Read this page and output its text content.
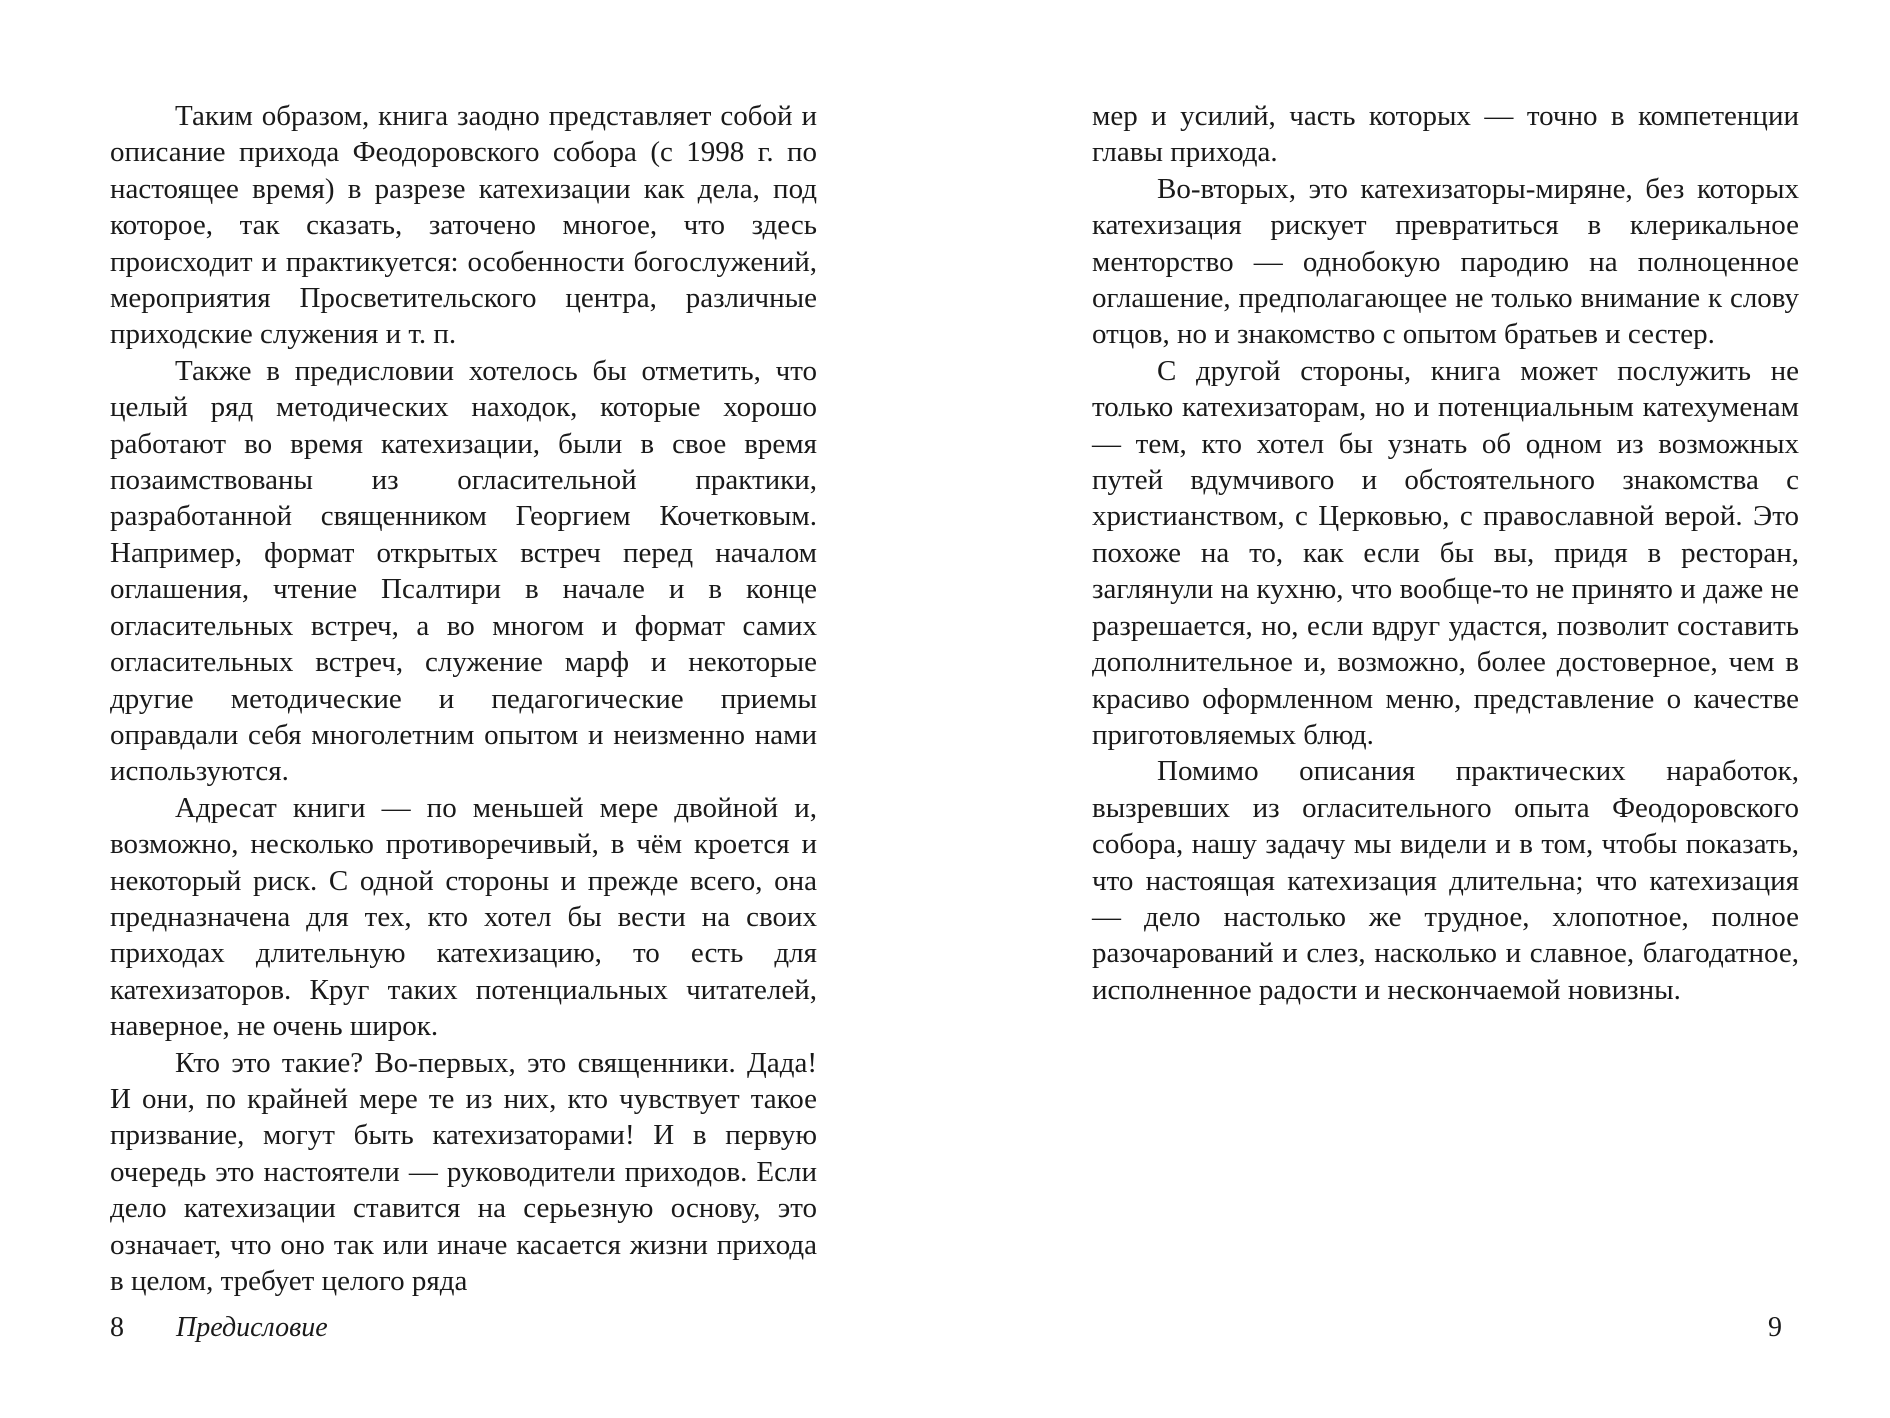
Таким образом, книга заодно представляет собой и описание прихода Феодоровского собора (с 1998 г. по настоящее время) в разрезе катехизации как дела, под которое, так сказать, заточено многое, что здесь происходит и практикуется: особенности богослужений, мероприятия Просветительского центра, различные приходские служения и т. п.

Также в предисловии хотелось бы отметить, что целый ряд методических находок, которые хорошо работают во время катехизации, были в свое время позаимствованы из огласительной практики, разработанной священником Георгием Кочетковым. Например, формат открытых встреч перед началом оглашения, чтение Псалтири в начале и в конце огласительных встреч, а во многом и формат самих огласительных встреч, служение марф и некоторые другие методические и педагогические приемы оправдали себя многолетним опытом и неизменно нами используются.

Адресат книги — по меньшей мере двойной и, возможно, несколько противоречивый, в чём кроется и некоторый риск. С одной стороны и прежде всего, она предназначена для тех, кто хотел бы вести на своих приходах длительную катехизацию, то есть для катехизаторов. Круг таких потенциальных читателей, наверное, не очень широк.

Кто это такие? Во-первых, это священники. Дада! И они, по крайней мере те из них, кто чувствует такое призвание, могут быть катехизаторами! И в первую очередь это настоятели — руководители приходов. Если дело катехизации ставится на серьезную основу, это означает, что оно так или иначе касается жизни прихода в целом, требует целого ряда

мер и усилий, часть которых — точно в компетенции главы прихода.

Во-вторых, это катехизаторы-миряне, без которых катехизация рискует превратиться в клерикальное менторство — однобокую пародию на полноценное оглашение, предполагающее не только внимание к слову отцов, но и знакомство с опытом братьев и сестер.

С другой стороны, книга может послужить не только катехизаторам, но и потенциальным катехуменам — тем, кто хотел бы узнать об одном из возможных путей вдумчивого и обстоятельного знакомства с христианством, с Церковью, с православной верой. Это похоже на то, как если бы вы, придя в ресторан, заглянули на кухню, что вообще-то не принято и даже не разрешается, но, если вдруг удастся, позволит составить дополнительное и, возможно, более достоверное, чем в красиво оформленном меню, представление о качестве приготовляемых блюд.

Помимо описания практических наработок, вызревших из огласительного опыта Феодоровского собора, нашу задачу мы видели и в том, чтобы показать, что настоящая катехизация длительна; что катехизация — дело настолько же трудное, хлопотное, полное разочарований и слез, насколько и славное, благодатное, исполненное радости и нескончаемой новизны.

8 Предисловие	9
